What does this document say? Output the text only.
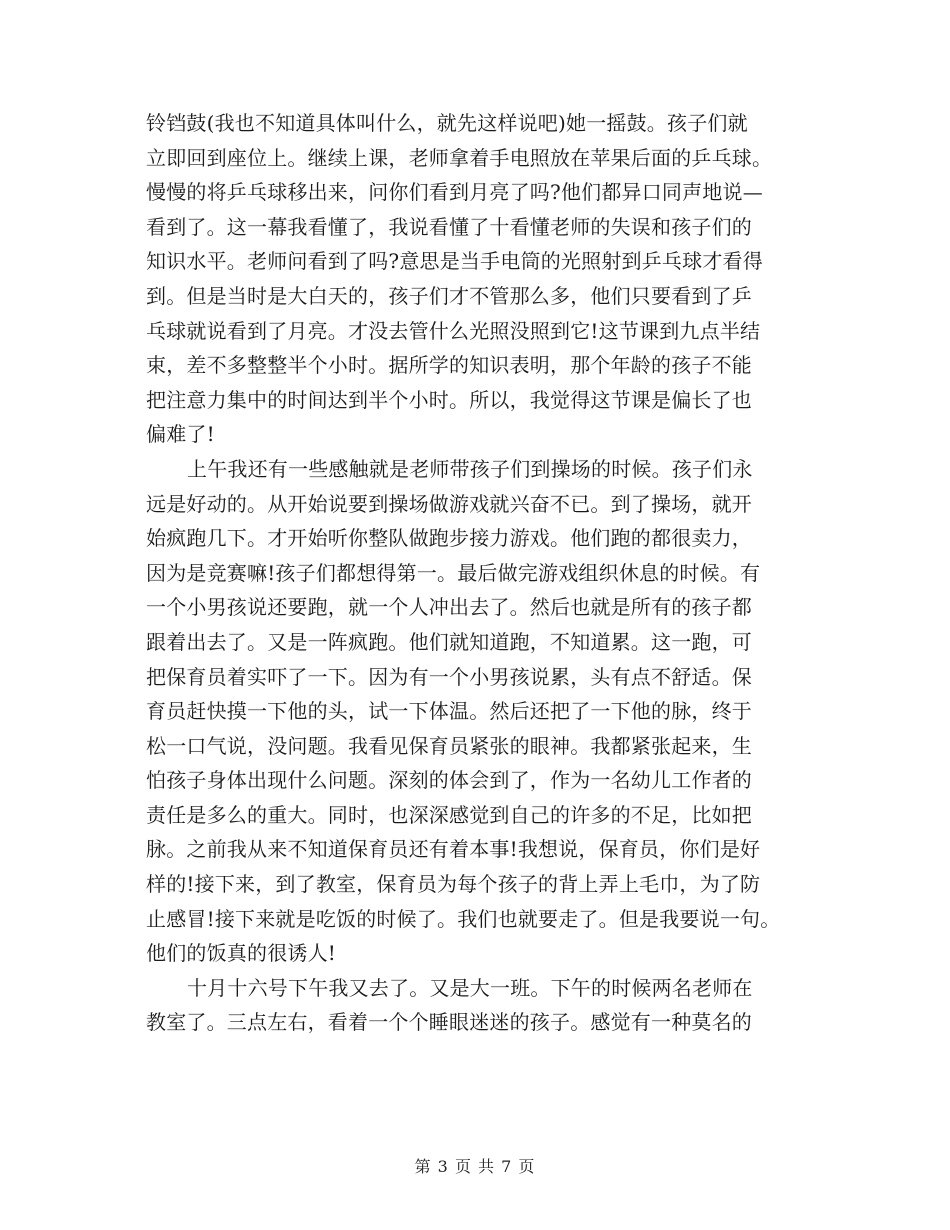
铃铛鼓(我也不知道具体叫什么，就先这样说吧)她一摇鼓。孩子们就
立即回到座位上。继续上课，老师拿着手电照放在苹果后面的乒乓球。
慢慢的将乒乓球移出来，问你们看到月亮了吗?他们都异口同声地说—
看到了。这一幕我看懂了，我说看懂了十看懂老师的失误和孩子们的
知识水平。老师问看到了吗?意思是当手电筒的光照射到乒乓球才看得
到。但是当时是大白天的，孩子们才不管那么多，他们只要看到了乒
乓球就说看到了月亮。才没去管什么光照没照到它!这节课到九点半结
束，差不多整整半个小时。据所学的知识表明，那个年龄的孩子不能
把注意力集中的时间达到半个小时。所以，我觉得这节课是偏长了也
偏难了!
上午我还有一些感触就是老师带孩子们到操场的时候。孩子们永
远是好动的。从开始说要到操场做游戏就兴奋不已。到了操场，就开
始疯跑几下。才开始听你整队做跑步接力游戏。他们跑的都很卖力，
因为是竞赛嘛!孩子们都想得第一。最后做完游戏组织休息的时候。有
一个小男孩说还要跑，就一个人冲出去了。然后也就是所有的孩子都
跟着出去了。又是一阵疯跑。他们就知道跑，不知道累。这一跑，可
把保育员着实吓了一下。因为有一个小男孩说累，头有点不舒适。保
育员赶快摸一下他的头，试一下体温。然后还把了一下他的脉，终于
松一口气说，没问题。我看见保育员紧张的眼神。我都紧张起来，生
怕孩子身体出现什么问题。深刻的体会到了，作为一名幼儿工作者的
责任是多么的重大。同时，也深深感觉到自己的许多的不足，比如把
脉。之前我从来不知道保育员还有着本事!我想说，保育员，你们是好
样的!接下来，到了教室，保育员为每个孩子的背上弄上毛巾，为了防
止感冒!接下来就是吃饭的时候了。我们也就要走了。但是我要说一句。
他们的饭真的很诱人!
十月十六号下午我又去了。又是大一班。下午的时候两名老师在
教室了。三点左右，看着一个个睡眼迷迷的孩子。感觉有一种莫名的
第 3 页 共 7 页
